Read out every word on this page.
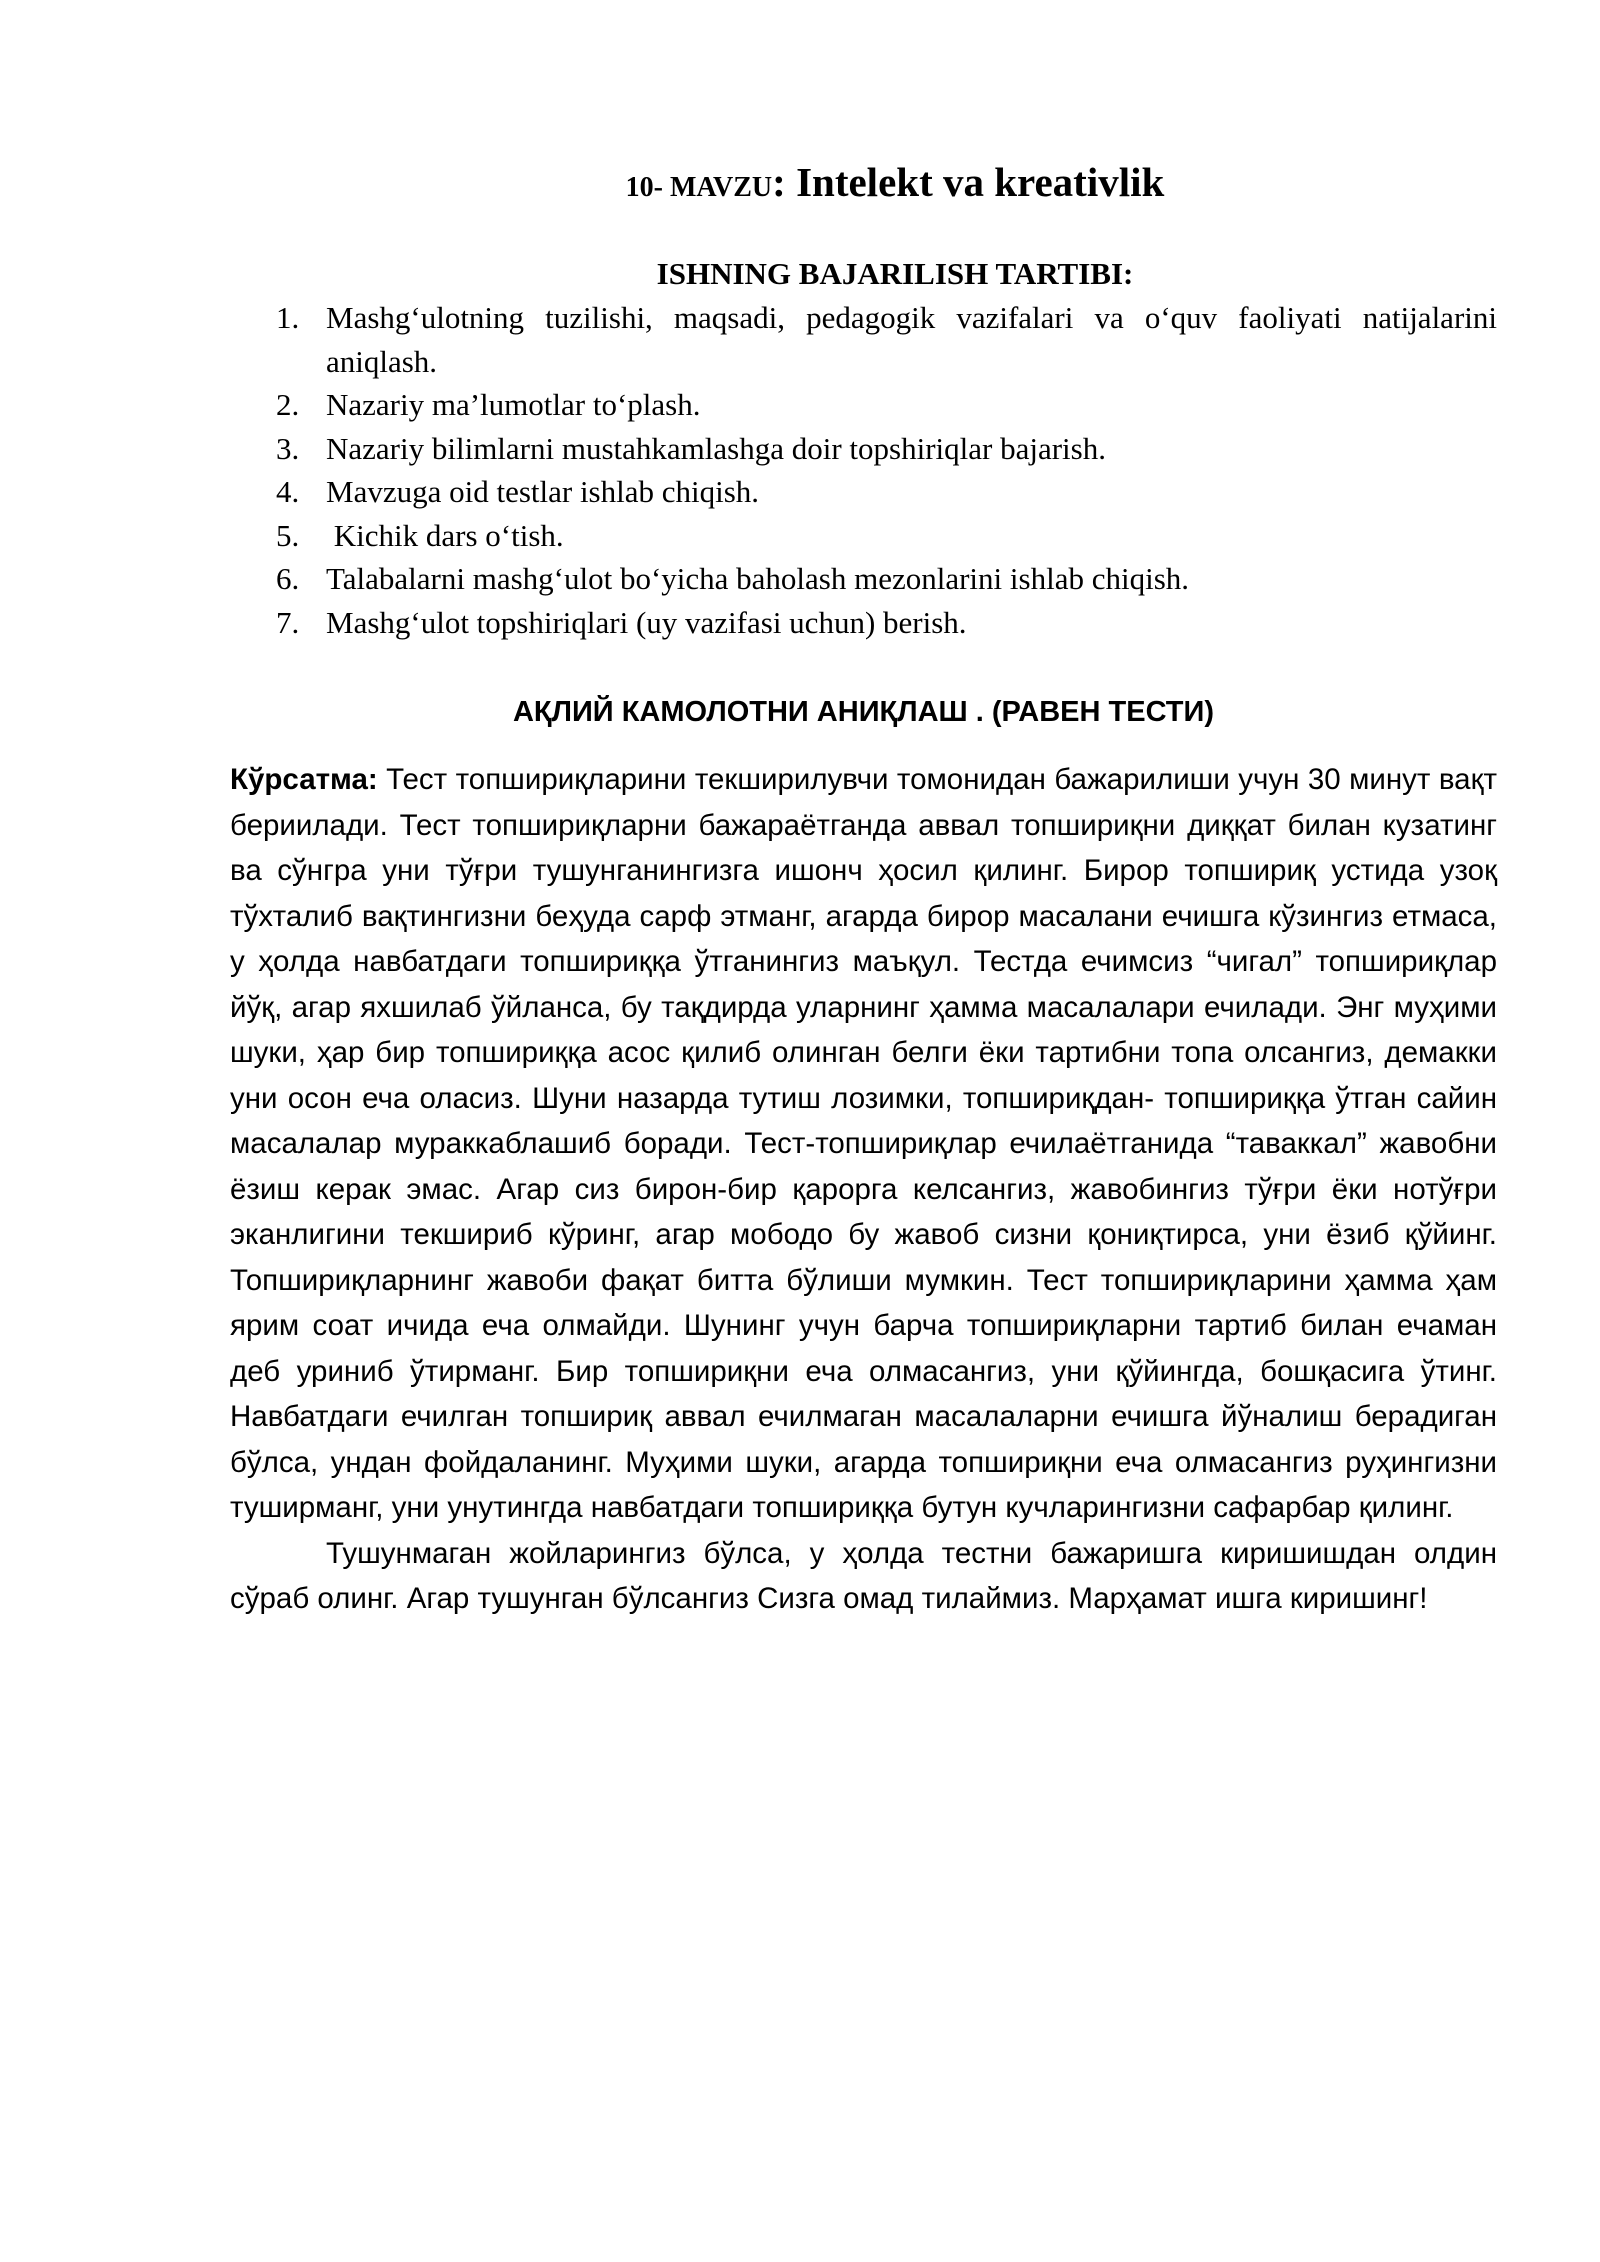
10- MAVZU: Intelekt va kreativlik
ISHNING BAJARILISH TARTIBI:
1. Mashg‘ulotning tuzilishi, maqsadi, pedagogik vazifalari va o‘quv faoliyati natijalarini aniqlash.
2. Nazariy ma’lumotlar to‘plash.
3. Nazariy bilimlarni mustahkamlashga doir topshiriqlar bajarish.
4. Mavzuga oid testlar ishlab chiqish.
5. Kichik dars o‘tish.
6. Talabalarni mashg‘ulot bo‘yicha baholash mezonlarini ishlab chiqish.
7. Mashg‘ulot topshiriqlari (uy vazifasi uchun) berish.
АҚЛИЙ КАМОЛОТНИ АНИҚЛАШ . (РАВЕН ТЕСТИ)

Кўрсатма: Тест топшириқларини текширилувчи томонидан бажарилиши учун 30 минут вақт бериилади. Тест топшириқларни бажараётганда аввал топшириқни диққат билан кузатинг ва сўнгра уни тўғри тушунганингизга ишонч ҳосил қилинг. Бирор топшириқ устида узоқ тўхталиб вақтингизни беҳуда сарф этманг, агарда бирор масалани ечишга кўзингиз етмаса, у ҳолда навбатдаги топшириққа ўтганингиз маъқул. Тестда ечимсиз “чигал” топшириқлар йўқ, агар яхшилаб ўйланса, бу тақдирда уларнинг ҳамма масалалари ечилади. Энг муҳими шуки, ҳар бир топшириққа асос қилиб олинган белги ёки тартибни топа олсангиз, демакки уни осон еча оласиз. Шуни назарда тутиш лозимки, топшириқдан- топшириққа ўтган сайин масалалар мураккаблашиб боради. Тест-топшириқлар ечилаётганида “таваккал” жавобни ёзиш керак эмас. Агар сиз бирон-бир қарорга келсангиз, жавобингиз тўғри ёки нотўғри эканлигини текшириб кўринг, агар мободо бу жавоб сизни қониқтирса, уни ёзиб қўйинг. Топшириқларнинг жавоби фақат битта бўлиши мумкин. Тест топшириқларини ҳамма ҳам ярим соат ичида еча олмайди. Шунинг учун барча топшириқларни тартиб билан ечаман деб уриниб ўтирманг. Бир топшириқни еча олмасангиз, уни қўйингда, бошқасига ўтинг. Навбатдаги ечилган топшириқ аввал ечилмаган масалаларни ечишга йўналиш берадиган бўлса, ундан фойдаланинг. Муҳими шуки, агарда топшириқни еча олмасангиз руҳингизни туширманг, уни унутингда навбатдаги топшириққа бутун кучларингизни сафарбар қилинг.

Тушунмаган жойларингиз бўлса, у ҳолда тестни бажаришга киришишдан олдин сўраб олинг. Агар тушунган бўлсангиз Сизга омад тилаймиз. Марҳамат ишга киришинг!
